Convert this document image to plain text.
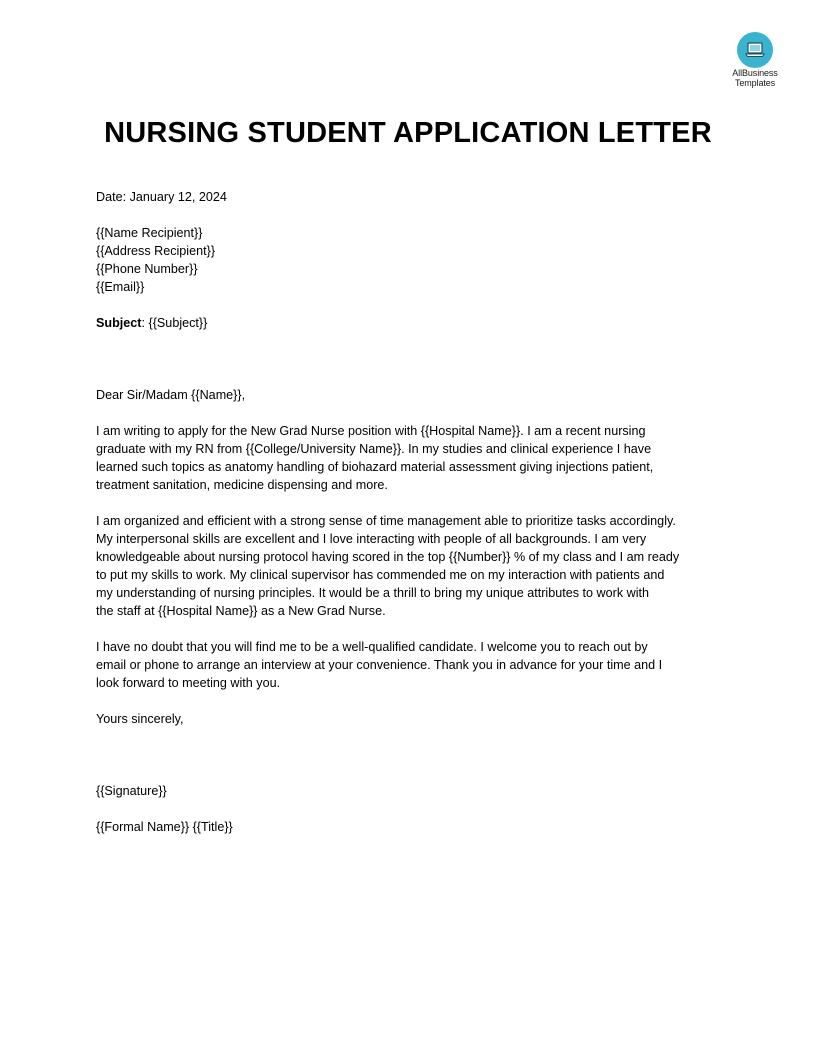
AllBusiness
Templates
NURSING STUDENT APPLICATION LETTER
Date: January 12, 2024
{{Name Recipient}}
{{Address Recipient}}
{{Phone Number}}
{{Email}}
Subject: {{Subject}}
Dear Sir/Madam {{Name}},
I am writing to apply for the New Grad Nurse position with {{Hospital Name}}. I am a recent nursing
graduate with my RN from {{College/University Name}}. In my studies and clinical experience I have
learned such topics as anatomy handling of biohazard material assessment giving injections patient,
treatment sanitation, medicine dispensing and more.
I am organized and efficient with a strong sense of time management able to prioritize tasks accordingly.
My interpersonal skills are excellent and I love interacting with people of all backgrounds. I am very
knowledgeable about nursing protocol having scored in the top {{Number}} % of my class and I am ready
to put my skills to work. My clinical supervisor has commended me on my interaction with patients and
my understanding of nursing principles. It would be a thrill to bring my unique attributes to work with
the staff at {{Hospital Name}} as a New Grad Nurse.
I have no doubt that you will find me to be a well-qualified candidate. I welcome you to reach out by
email or phone to arrange an interview at your convenience. Thank you in advance for your time and I
look forward to meeting with you.
Yours sincerely,
{{Signature}}
{{Formal Name}} {{Title}}
